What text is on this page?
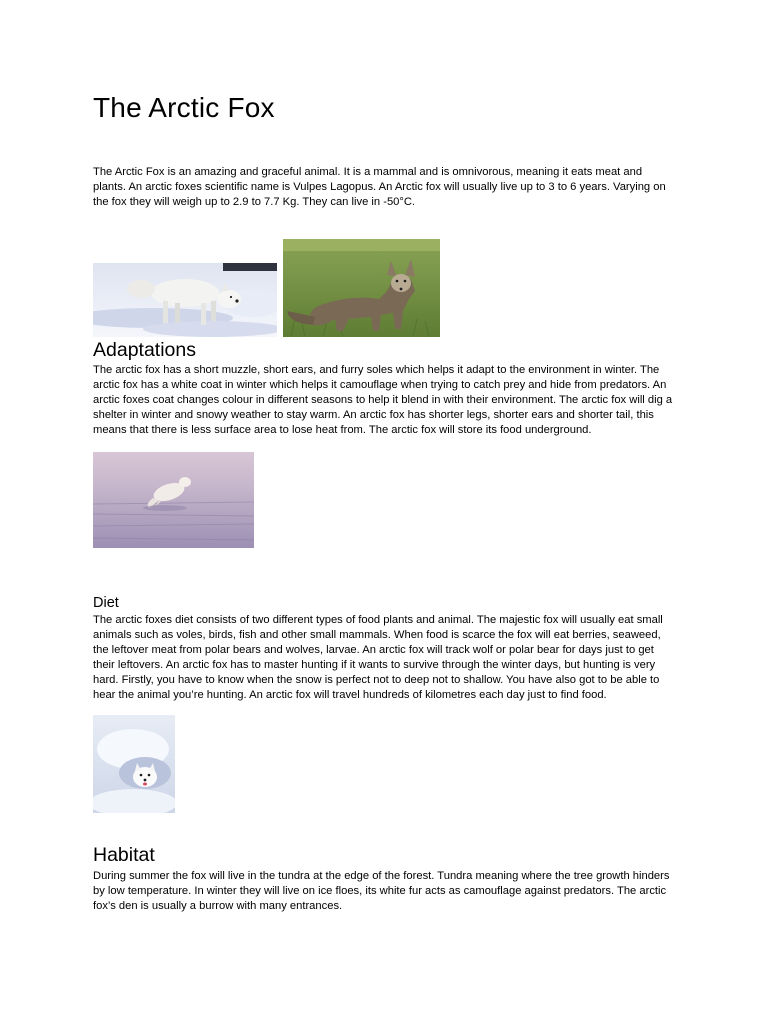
The Arctic Fox

The Arctic Fox is an amazing and graceful animal. It is a mammal and is omnivorous, meaning it eats meat and plants. An arctic foxes scientific name is Vulpes Lagopus. An Arctic fox will usually live up to 3 to 6 years. Varying on the fox they will weigh up to 2.9 to 7.7 Kg. They can live in -50°C.

Adaptations

The arctic fox has a short muzzle, short ears, and furry soles which helps it adapt to the environment in winter. The arctic fox has a white coat in winter which helps it camouflage when trying to catch prey and hide from predators. An arctic foxes coat changes colour in different seasons to help it blend in with their environment. The arctic fox will dig a shelter in winter and snowy weather to stay warm. An arctic fox has shorter legs, shorter ears and shorter tail, this means that there is less surface area to lose heat from. The arctic fox will store its food underground.

Diet

The arctic foxes diet consists of two different types of food plants and animal. The majestic fox will usually eat small animals such as voles, birds, fish and other small mammals. When food is scarce the fox will eat berries, seaweed, the leftover meat from polar bears and wolves, larvae. An arctic fox will track wolf or polar bear for days just to get their leftovers. An arctic fox has to master hunting if it wants to survive through the winter days, but hunting is very hard. Firstly, you have to know when the snow is perfect not to deep not to shallow. You have also got to be able to hear the animal you’re hunting. An arctic fox will travel hundreds of kilometres each day just to find food.

Habitat

During summer the fox will live in the tundra at the edge of the forest. Tundra meaning where the tree growth hinders by low temperature. In winter they will live on ice floes, its white fur acts as camouflage against predators. The arctic fox’s den is usually a burrow with many entrances.
